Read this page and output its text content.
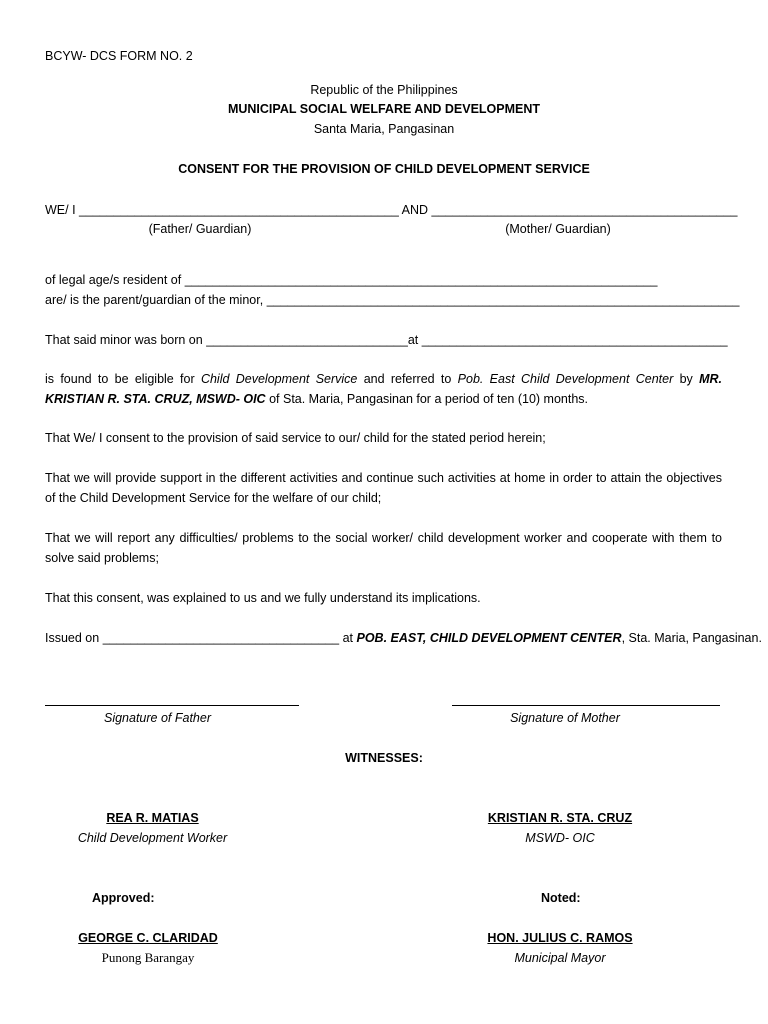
BCYW- DCS FORM NO. 2
Republic of the Philippines
MUNICIPAL SOCIAL WELFARE AND DEVELOPMENT
Santa Maria, Pangasinan
CONSENT FOR THE PROVISION OF CHILD DEVELOPMENT SERVICE
WE/ I ______________________________________________ AND ____________________________________________
(Father/ Guardian)	(Mother/ Guardian)
of legal age/s resident of ____________________________________________________________________
are/ is the parent/guardian of the minor, ____________________________________________________________________
That said minor was born on _____________________________at ____________________________________________
is found to be eligible for Child Development Service and referred to Pob. East Child Development Center by MR. KRISTIAN R. STA. CRUZ, MSWD- OIC of Sta. Maria, Pangasinan for a period of ten (10) months.
That We/ I consent to the provision of said service to our/ child for the stated period herein;
That we will provide support in the different activities and continue such activities at home in order to attain the objectives of the Child Development Service for the welfare of our child;
That we will report any difficulties/ problems to the social worker/ child development worker and cooperate with them to solve said problems;
That this consent, was explained to us and we fully understand its implications.
Issued on __________________________________ at POB. EAST, CHILD DEVELOPMENT CENTER, Sta. Maria, Pangasinan.
Signature of Father	Signature of Mother
WITNESSES:
REA R. MATIAS
Child Development Worker
KRISTIAN R. STA. CRUZ
MSWD- OIC
Approved:	Noted:
GEORGE C. CLARIDAD
Punong Barangay
HON. JULIUS C. RAMOS
Municipal Mayor
